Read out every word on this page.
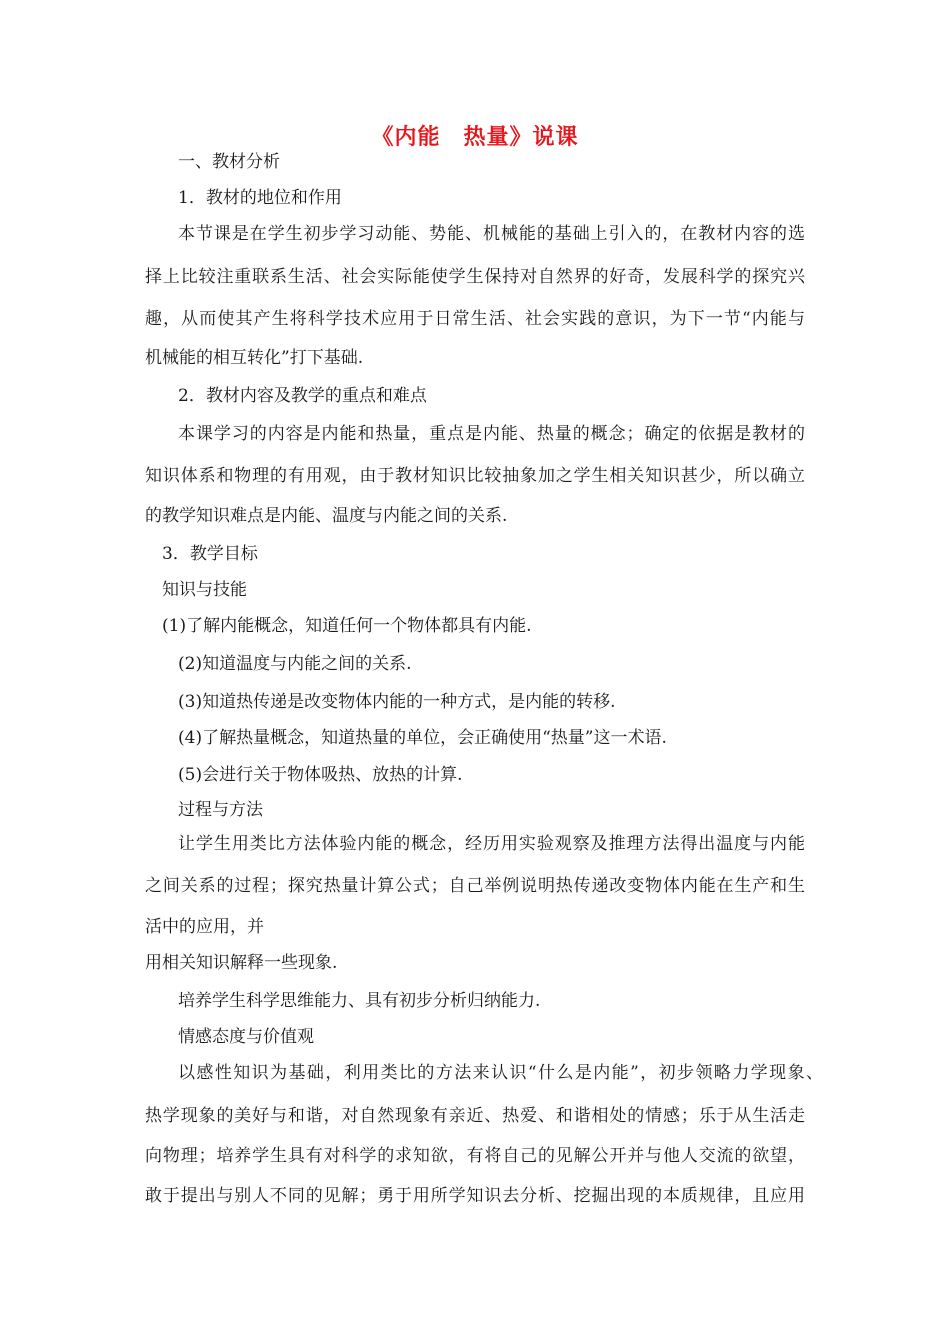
《内能　热量》说课
一、教材分析
1．教材的地位和作用
本节课是在学生初步学习动能、势能、机械能的基础上引入的，在教材内容的选
择上比较注重联系生活、社会实际能使学生保持对自然界的好奇，发展科学的探究兴
趣，从而使其产生将科学技术应用于日常生活、社会实践的意识，为下一节“内能与
机械能的相互转化”打下基础.
2．教材内容及教学的重点和难点
本课学习的内容是内能和热量，重点是内能、热量的概念；确定的依据是教材的
知识体系和物理的有用观，由于教材知识比较抽象加之学生相关知识甚少，所以确立
的教学知识难点是内能、温度与内能之间的关系.
3．教学目标
知识与技能
(1)了解内能概念，知道任何一个物体都具有内能.
(2)知道温度与内能之间的关系.
(3)知道热传递是改变物体内能的一种方式，是内能的转移.
(4)了解热量概念，知道热量的单位，会正确使用“热量”这一术语.
(5)会进行关于物体吸热、放热的计算.
过程与方法
让学生用类比方法体验内能的概念，经历用实验观察及推理方法得出温度与内能
之间关系的过程；探究热量计算公式；自己举例说明热传递改变物体内能在生产和生
活中的应用，并
用相关知识解释一些现象.
培养学生科学思维能力、具有初步分析归纳能力.
情感态度与价值观
以感性知识为基础，利用类比的方法来认识“什么是内能”，初步领略力学现象、
热学现象的美好与和谐，对自然现象有亲近、热爱、和谐相处的情感；乐于从生活走
向物理；培养学生具有对科学的求知欲，有将自己的见解公开并与他人交流的欲望，
敢于提出与别人不同的见解；勇于用所学知识去分析、挖掘出现的本质规律，且应用
